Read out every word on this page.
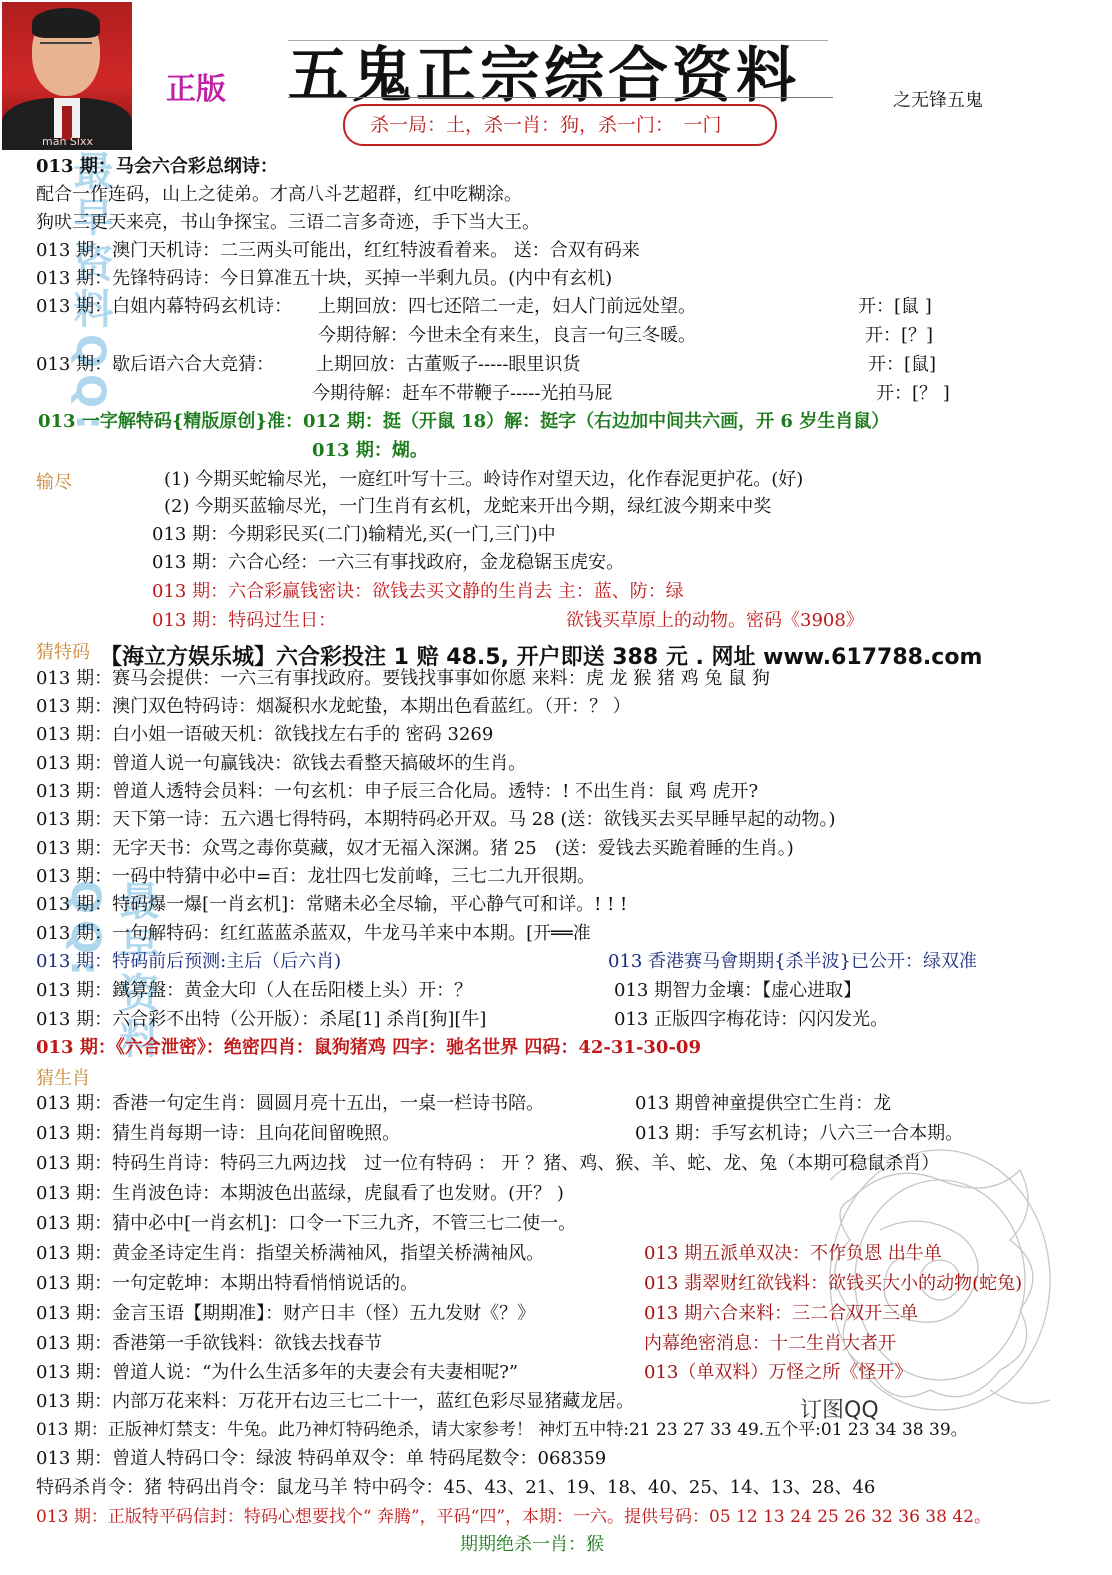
man Sixx
正版 五鬼正宗综合资料	之无锋五鬼
杀一局：土，杀一肖：狗，杀一门：　一门
最早资料QQ:
最早资料QQ:
013 期：马会六合彩总纲诗：
配合一作连码，山上之徒弟。才高八斗艺超群，红中吃糊涂。
狗吠三更天来亮，书山争探宝。三语二言多奇迹，手下当大王。
013 期：澳门天机诗：二三两头可能出，红红特波看着来。 送：合双有码来
013 期：先锋特码诗：今日算准五十块，买掉一半剩九员。(内中有玄机)
013 期：白姐内幕特码玄机诗： 上期回放：四七还陪二一走，妇人门前远处望。	开：[鼠 ]
今期待解：今世未全有来生，良言一句三冬暖。	开：[？]
013 期：歇后语六合大竞猜： 上期回放：古董贩子-----眼里识货	开：[鼠]
今期待解：赶车不带鞭子-----光拍马屁	开：[？ ]
013 一字解特码{精版原创}准：012 期：挺（开鼠 18）解：挺字（右边加中间共六画，开 6 岁生肖鼠）
013 期：煳。
输尽	(1) 今期买蛇输尽光，一庭红叶写十三。岭诗作对望天边，化作春泥更护花。(好)
(2) 今期买蓝输尽光，一门生肖有玄机，龙蛇来开出今期，绿红波今期来中奖
013 期：今期彩民买(二门)输精光,买(一门,三门)中
013 期：六合心经：一六三有事找政府，金龙稳锯玉虎安。
013 期：六合彩赢钱密诀：欲钱去买文静的生肖去 主：蓝、防：绿
013 期：特码过生日：	欲钱买草原上的动物。密码《3908》
猜特码 【海立方娱乐城】六合彩投注 1 赔 48.5, 开户即送 388 元 . 网址 www.617788.com
013 期：赛马会提供：一六三有事找政府。要钱找事事如你愿 来料：虎 龙 猴 猪 鸡 兔 鼠 狗
013 期：澳门双色特码诗：烟凝积水龙蛇蛰，本期出色看蓝红。（开：？ ）
013 期：白小姐一语破天机：欲钱找左右手的 密码 3269
013 期：曾道人说一句赢钱决：欲钱去看整天搞破坏的生肖。
013 期：曾道人透特会员料：一句玄机：申子辰三合化局。透特：! 不出生肖：鼠 鸡 虎开?
013 期：天下第一诗：五六遇七得特码，本期特码必开双。马 28 (送：欲钱买去买早睡早起的动物。)
013 期：无字天书：众骂之毒你莫藏，奴才无福入深渊。猪 25　(送：爱钱去买跪着睡的生肖。)
013 期：一码中特猜中必中=百：龙壮四七发前峰，三七二九开很期。
013 期：特码爆一爆[一肖玄机]：常赌未必全尽输，平心静气可和详。! ! !
013 期：一句解特码：红红蓝蓝杀蓝双，牛龙马羊来中本期。[开══准
013 期：特码前后预测:主后（后六肖)	013 香港赛马會期期{杀半波}已公开：绿双准
013 期：鐵算盤：黄金大印（人在岳阳楼上头）开：？	013 期智力金壤：【虚心进取】
013 期：六合彩不出特（公开版）：杀尾[1] 杀肖[狗][牛]	013 正版四字梅花诗：闪闪发光。
013 期：《六合泄密》：绝密四肖：鼠狗猪鸡 四字：驰名世界 四码：42-31-30-09
猜生肖
013 期：香港一句定生肖：圆圆月亮十五出，一桌一栏诗书陪。	013 期曾神童提供空亡生肖：龙
013 期：猜生肖每期一诗：且向花间留晚照。	013 期：手写玄机诗；八六三一合本期。
013 期：特码生肖诗：特码三九两边找　过一位有特码 ： 开 ？猪、鸡、猴、羊、蛇、龙、兔（本期可稳鼠杀肖）
013 期：生肖波色诗：本期波色出蓝绿，虎鼠看了也发财。(开？ )
013 期：猜中必中[一肖玄机]：口令一下三九齐，不管三七二使一。
013 期：黄金圣诗定生肖：指望关桥满袖风，指望关桥满袖风。	013 期五派单双决：不作负恩 出牛单
013 期：一句定乾坤：本期出特看悄悄说话的。	013 翡翠财红欲钱料：欲钱买大小的动物(蛇兔)
013 期：金言玉语【期期准】：财产日丰（怪）五九发财《？》	013 期六合来料：三二合双开三单
013 期：香港第一手欲钱料：欲钱去找春节	内幕绝密消息：十二生肖大者开
013 期：曾道人说：“为什么生活多年的夫妻会有夫妻相呢?”	013（单双料）万怪之所《怪开》
013 期：内部万花来料：万花开右边三七二十一，蓝红色彩尽显猪藏龙居。	订图QQ
013 期：正版神灯禁支：牛兔。此乃神灯特码绝杀，请大家参考！ 神灯五中特:21 23 27 33 49.五个平:01 23 34 38 39。
013 期：曾道人特码口令：绿波 特码单双令：单 特码尾数令：068359
特码杀肖令：猪 特码出肖令：鼠龙马羊 特中码令：45、43、21、19、18、40、25、14、13、28、46
013 期：正版特平码信封：特码心想要找个“ 奔腾”，平码“四”，本期：一六。提供号码：05 12 13 24 25 26 32 36 38 42。
期期绝杀一肖：猴
